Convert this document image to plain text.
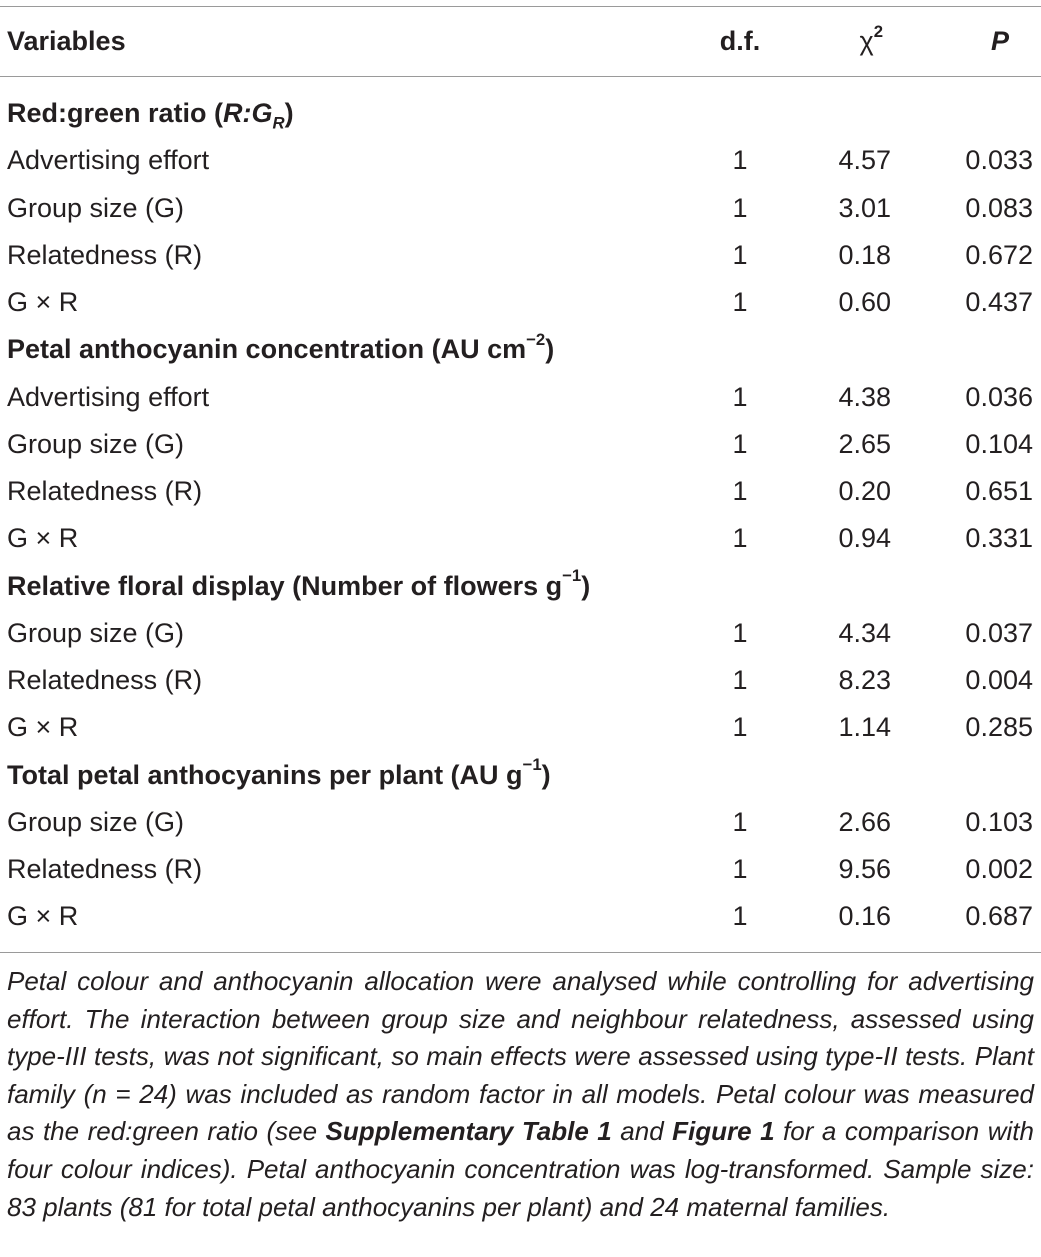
Variables	d.f.	$\chi^2$	P
Red:green ratio $(R:G_R)$
Advertising effort	1	4.57	0.033
Group size (G)	1	3.01	0.083
Relatedness (R)	1	0.18	0.672
G × R	1	0.60	0.437
Petal anthocyanin concentration (AU $cm^{-2}$)
Advertising effort	1	4.38	0.036
Group size (G)	1	2.65	0.104
Relatedness (R)	1	0.20	0.651
G × R	1	0.94	0.331
Relative floral display (Number of flowers $g^{-1}$)
Group size (G)	1	4.34	0.037
Relatedness (R)	1	8.23	0.004
G × R	1	1.14	0.285
Total petal anthocyanins per plant (AU $g^{-1}$)
Group size (G)	1	2.66	0.103
Relatedness (R)	1	9.56	0.002
G × R	1	0.16	0.687
Petal colour and anthocyanin allocation were analysed while controlling for advertising effort. The interaction between group size and neighbour relatedness, assessed using type-III tests, was not significant, so main effects were assessed using type-II tests. Plant family (n = 24) was included as random factor in all models. Petal colour was measured as the red:green ratio (see Supplementary Table 1 and Figure 1 for a comparison with four colour indices). Petal anthocyanin concentration was log-transformed. Sample size: 83 plants (81 for total petal anthocyanins per plant) and 24 maternal families.
